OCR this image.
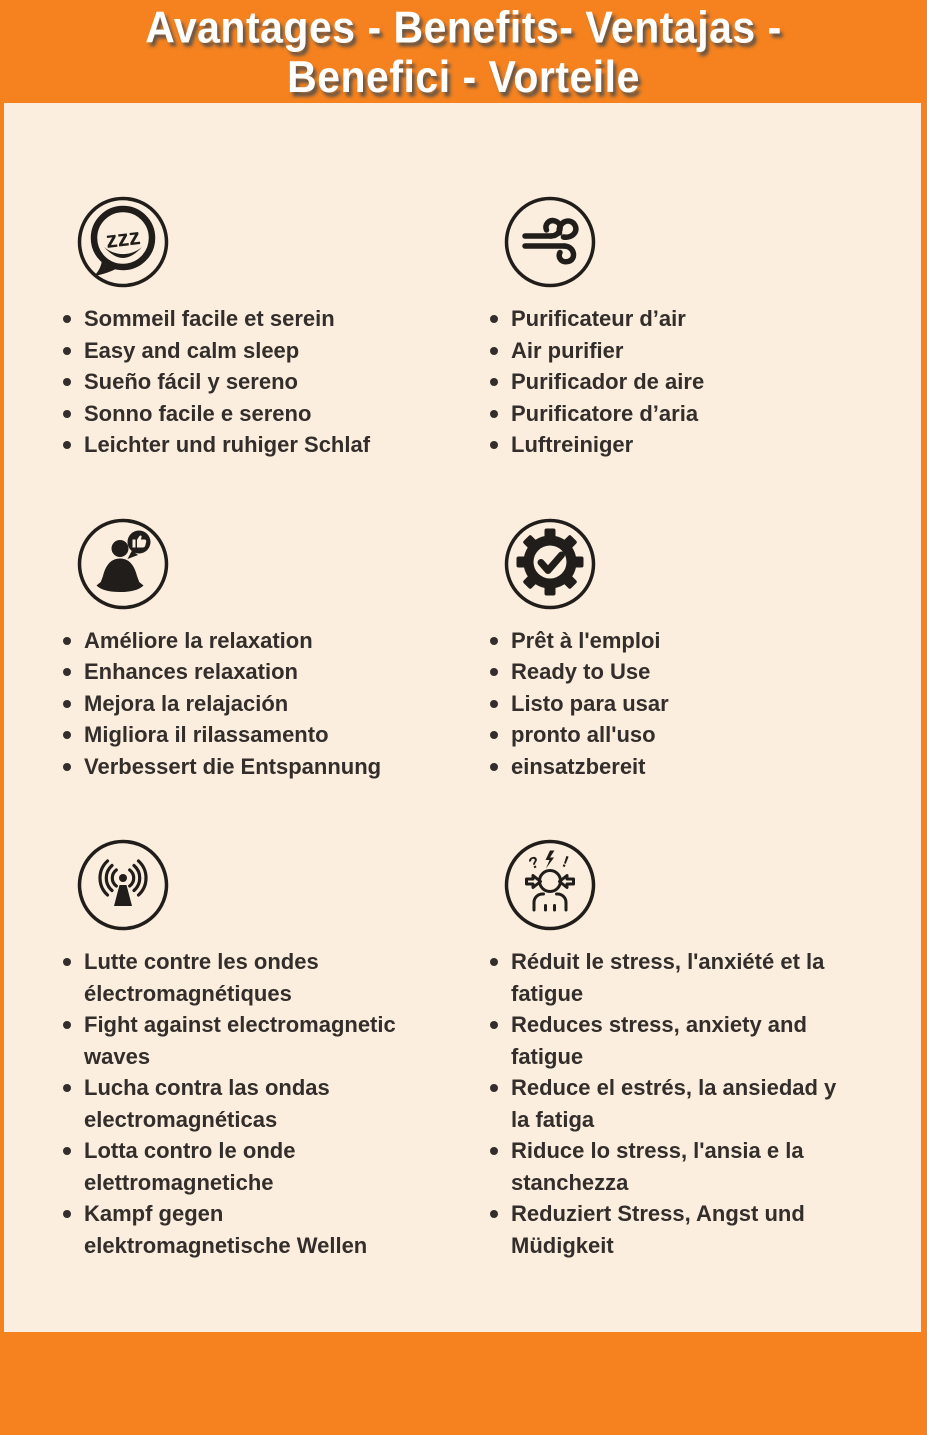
Avantages - Benefits- Ventajas -
Benefici - Vorteile
zzz
Sommeil facile et serein
Easy and calm sleep
Sueño fácil y sereno
Sonno facile e sereno
Leichter und ruhiger Schlaf
Purificateur d’air
Air purifier
Purificador de aire
Purificatore d’aria
Luftreiniger
Améliore la relaxation
Enhances relaxation
Mejora la relajación
Migliora il rilassamento
Verbessert die Entspannung
Prêt à l'emploi
Ready to Use
Listo para usar
pronto all'uso
einsatzbereit
Lutte contre les ondes électromagnétiques
Fight against electromagnetic waves
Lucha contra las ondas electromagnéticas
Lotta contro le onde elettromagnetiche
Kampf gegen elektromagnetische Wellen
? !
Réduit le stress, l'anxiété et la fatigue
Reduces stress, anxiety and fatigue
Reduce el estrés, la ansiedad y la fatiga
Riduce lo stress, l'ansia e la stanchezza
Reduziert Stress, Angst und Müdigkeit
